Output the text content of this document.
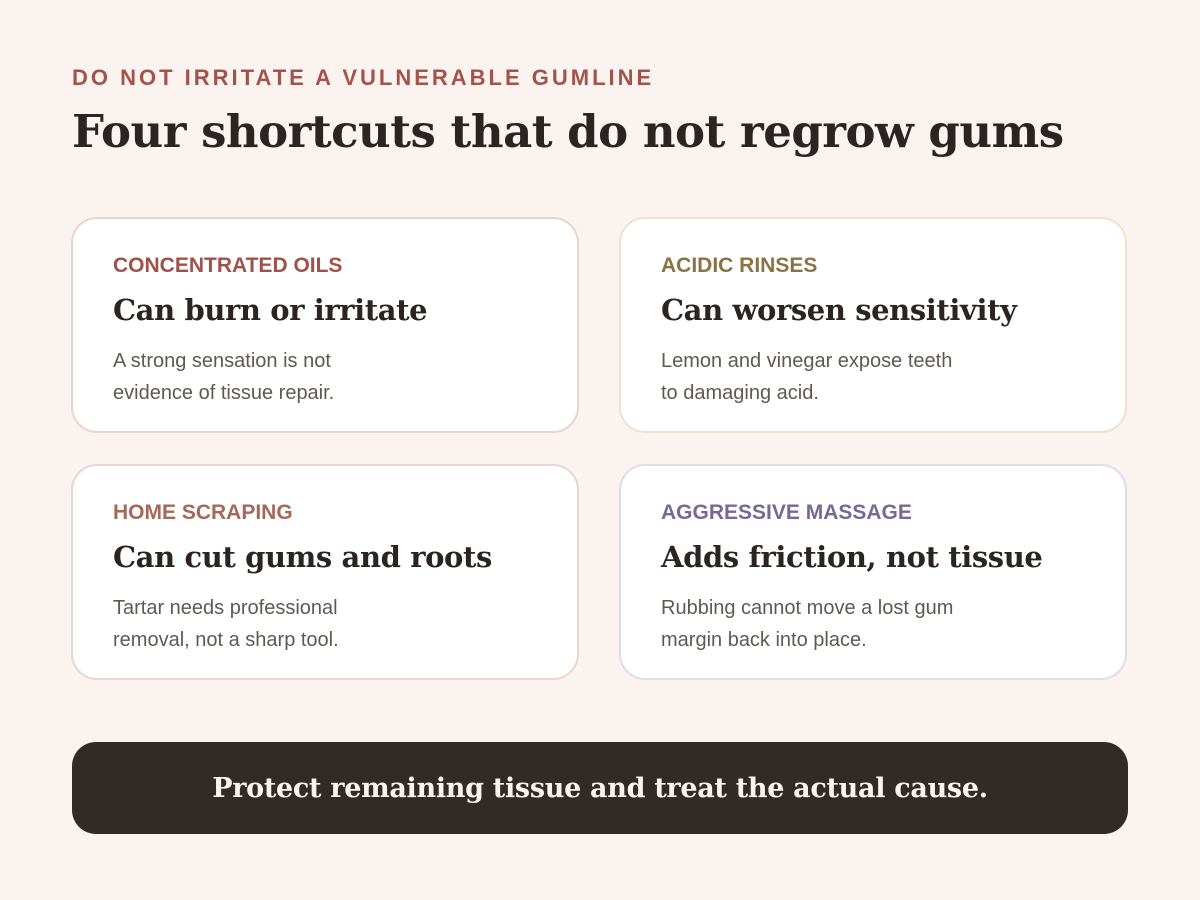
DO NOT IRRITATE A VULNERABLE GUMLINE
Four shortcuts that do not regrow gums
CONCENTRATED OILS
Can burn or irritate

A strong sensation is not evidence of tissue repair.

ACIDIC RINSES
Can worsen sensitivity

Lemon and vinegar expose teeth to damaging acid.

HOME SCRAPING
Can cut gums and roots

Tartar needs professional removal, not a sharp tool.

AGGRESSIVE MASSAGE
Adds friction, not tissue

Rubbing cannot move a lost gum margin back into place.

Protect remaining tissue and treat the actual cause.
